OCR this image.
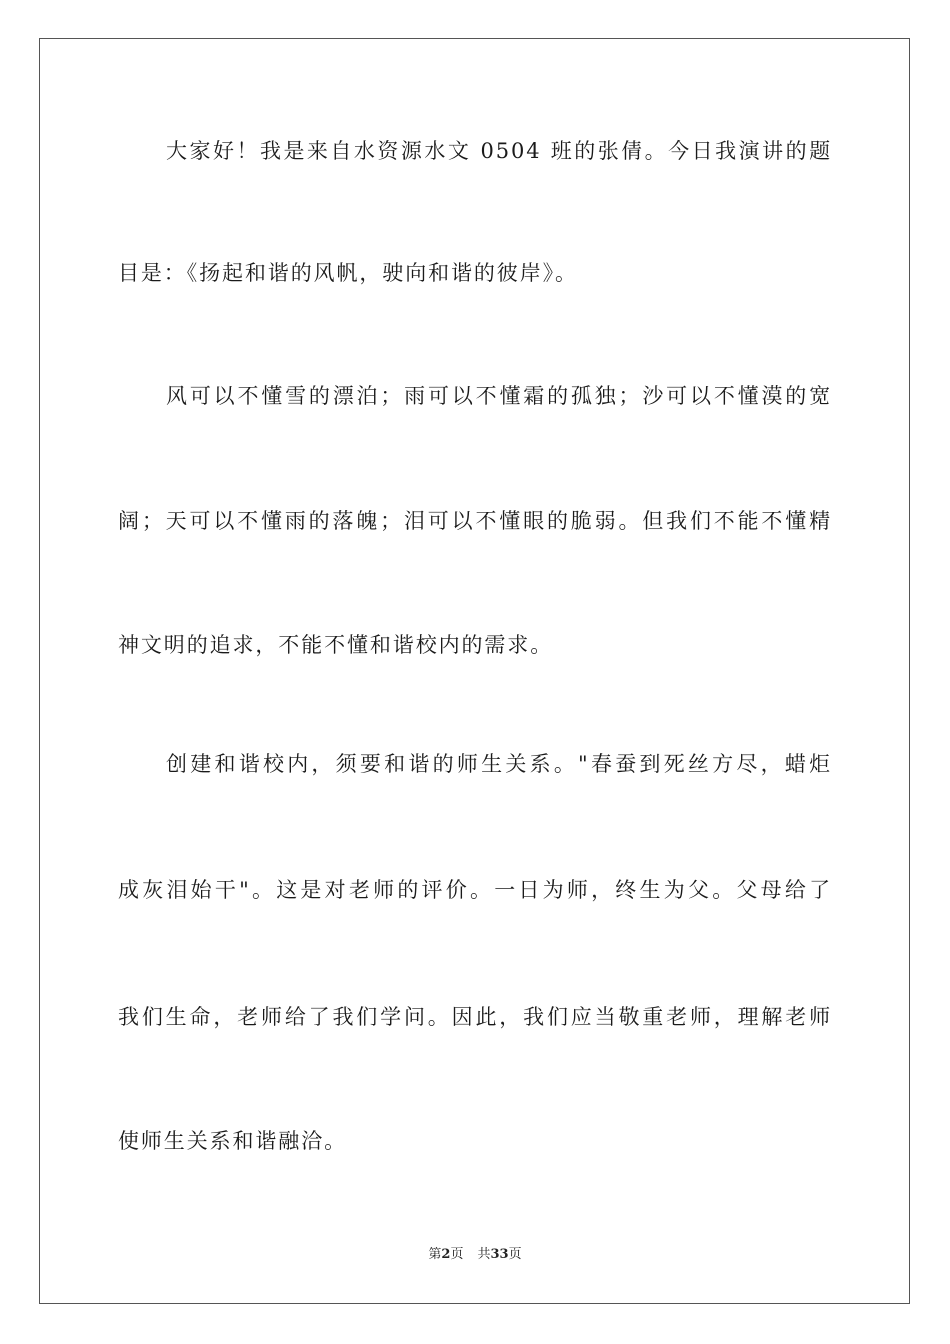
大家好！我是来自水资源水文 0504 班的张倩。今日我演讲的题
目是：《扬起和谐的风帆，驶向和谐的彼岸》。
风可以不懂雪的漂泊；雨可以不懂霜的孤独；沙可以不懂漠的宽
阔；天可以不懂雨的落魄；泪可以不懂眼的脆弱。但我们不能不懂精
神文明的追求，不能不懂和谐校内的需求。
创建和谐校内，须要和谐的师生关系。"春蚕到死丝方尽，蜡炬
成灰泪始干"。这是对老师的评价。一日为师，终生为父。父母给了
我们生命，老师给了我们学问。因此，我们应当敬重老师，理解老师
使师生关系和谐融洽。
第2页 共33页
